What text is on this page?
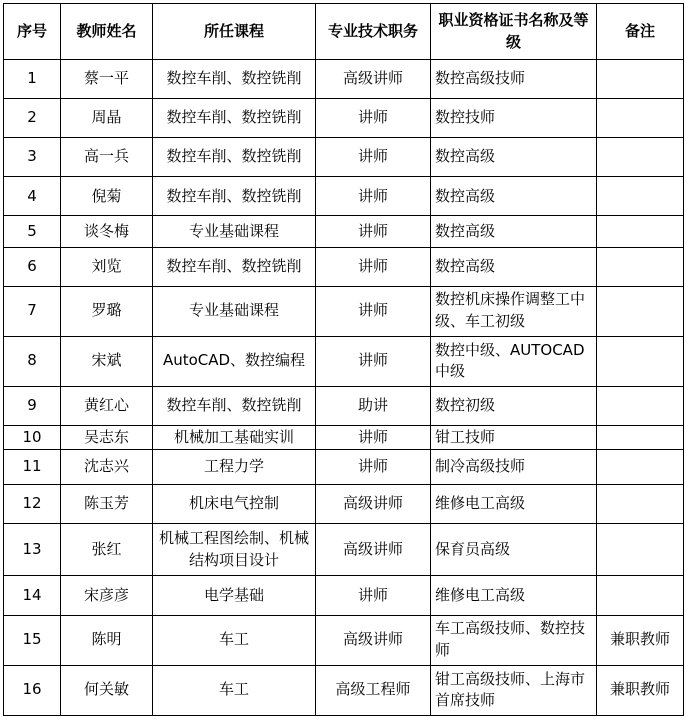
序号	教师姓名	所任课程	专业技术职务	职业资格证书名称及等级	备注
1	蔡一平	数控车削、数控铣削	高级讲师	数控高级技师	
2	周晶	数控车削、数控铣削	讲师	数控技师	
3	高一兵	数控车削、数控铣削	讲师	数控高级	
4	倪菊	数控车削、数控铣削	讲师	数控高级	
5	谈冬梅	专业基础课程	讲师	数控高级	
6	刘览	数控车削、数控铣削	讲师	数控高级	
7	罗璐	专业基础课程	讲师	数控机床操作调整工中级、车工初级	
8	宋斌	AutoCAD、数控编程	讲师	数控中级、AUTOCAD中级	
9	黄红心	数控车削、数控铣削	助讲	数控初级	
10	吴志东	机械加工基础实训	讲师	钳工技师	
11	沈志兴	工程力学	讲师	制冷高级技师	
12	陈玉芳	机床电气控制	高级讲师	维修电工高级	
13	张红	机械工程图绘制、机械结构项目设计	高级讲师	保育员高级	
14	宋彦彦	电学基础	讲师	维修电工高级	
15	陈明	车工	高级讲师	车工高级技师、数控技师	兼职教师
16	何关敏	车工	高级工程师	钳工高级技师、上海市首席技师	兼职教师
